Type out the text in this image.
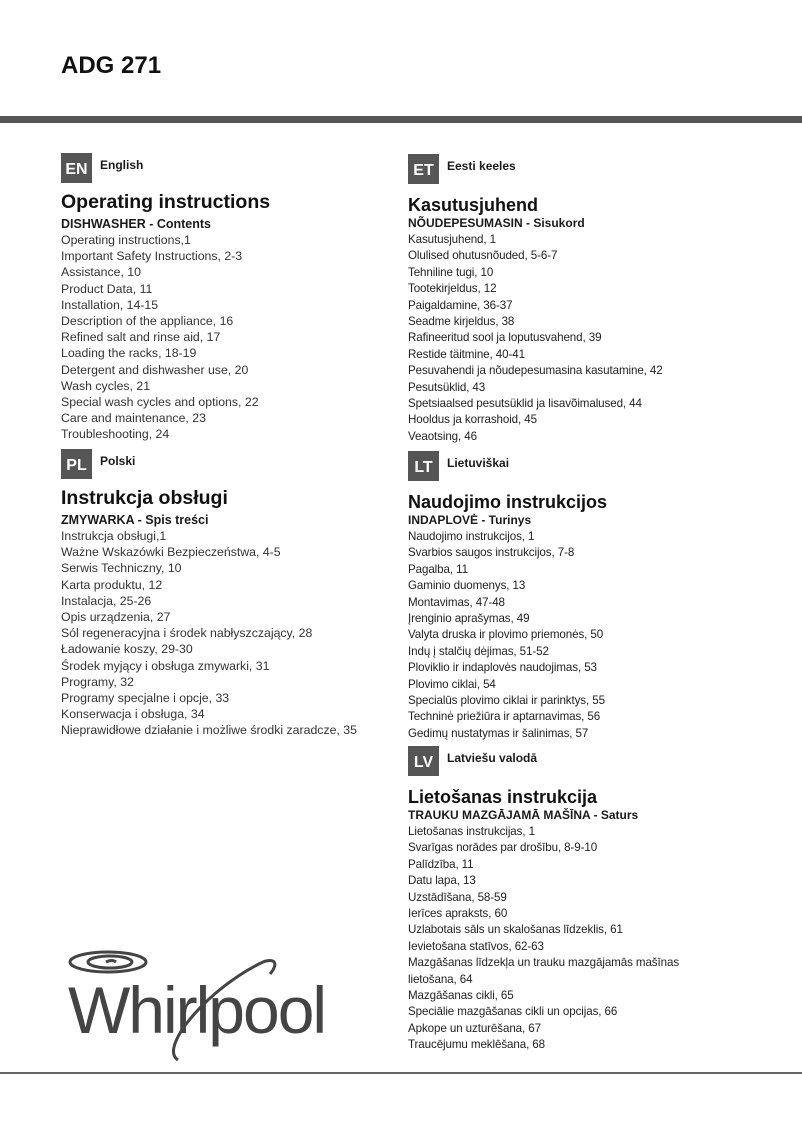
ADG 271
EN	English
Operating instructions
DISHWASHER - Contents
Operating instructions,1
Important Safety Instructions, 2-3
Assistance, 10
Product Data, 11
Installation, 14-15
Description of the appliance, 16
Refined salt and rinse aid, 17
Loading the racks, 18-19
Detergent and dishwasher use, 20
Wash cycles, 21
Special wash cycles and options, 22
Care and maintenance, 23
Troubleshooting, 24
PL	Polski
Instrukcja obsługi
ZMYWARKA - Spis treści
Instrukcja obsługi,1
Ważne Wskazówki Bezpieczeństwa, 4-5
Serwis Techniczny, 10
Karta produktu, 12
Instalacja, 25-26
Opis urządzenia, 27
Sól regeneracyjna i środek nabłyszczający, 28
Ładowanie koszy, 29-30
Środek myjący i obsługa zmywarki, 31
Programy, 32
Programy specjalne i opcje, 33
Konserwacja i obsługa, 34
Nieprawidłowe działanie i możliwe środki zaradcze, 35
ET	Eesti keeles
Kasutusjuhend
NÕUDEPESUMASIN - Sisukord
Kasutusjuhend, 1
Olulised ohutusnõuded, 5-6-7
Tehniline tugi, 10
Tootekirjeldus, 12
Paigaldamine, 36-37
Seadme kirjeldus, 38
Rafineeritud sool ja loputusvahend, 39
Restide täitmine, 40-41
Pesuvahendi ja nõudepesumasina kasutamine, 42
Pesutsüklid, 43
Spetsiaalsed pesutsüklid ja lisavõimalused, 44
Hooldus ja korrashoid, 45
Veaotsing, 46
LT	Lietuviškai
Naudojimo instrukcijos
INDAPLOVĖ - Turinys
Naudojimo instrukcijos, 1
Svarbios saugos instrukcijos, 7-8
Pagalba, 11
Gaminio duomenys, 13
Montavimas, 47-48
Įrenginio aprašymas, 49
Valyta druska ir plovimo priemonės, 50
Indų į stalčių dėjimas, 51-52
Ploviklio ir indaplovės naudojimas, 53
Plovimo ciklai, 54
Specialūs plovimo ciklai ir parinktys, 55
Techninė priežiūra ir aptarnavimas, 56
Gedimų nustatymas ir šalinimas, 57
LV	Latviešu valodā
Lietošanas instrukcija
TRAUKU MAZGĀJAMĀ MAŠĪNA - Saturs
Lietošanas instrukcijas, 1
Svarīgas norādes par drošību, 8-9-10
Palīdzība, 11
Datu lapa, 13
Uzstādīšana, 58-59
Ierīces apraksts, 60
Uzlabotais sāls un skalošanas līdzeklis, 61
Ievietošana statīvos, 62-63
Mazgāšanas līdzekļa un trauku mazgājamās mašīnas
lietošana, 64
Mazgāšanas cikli, 65
Speciālie mazgāšanas cikli un opcijas, 66
Apkope un uzturēšana, 67
Traucējumu meklēšana, 68
Whirlpool
